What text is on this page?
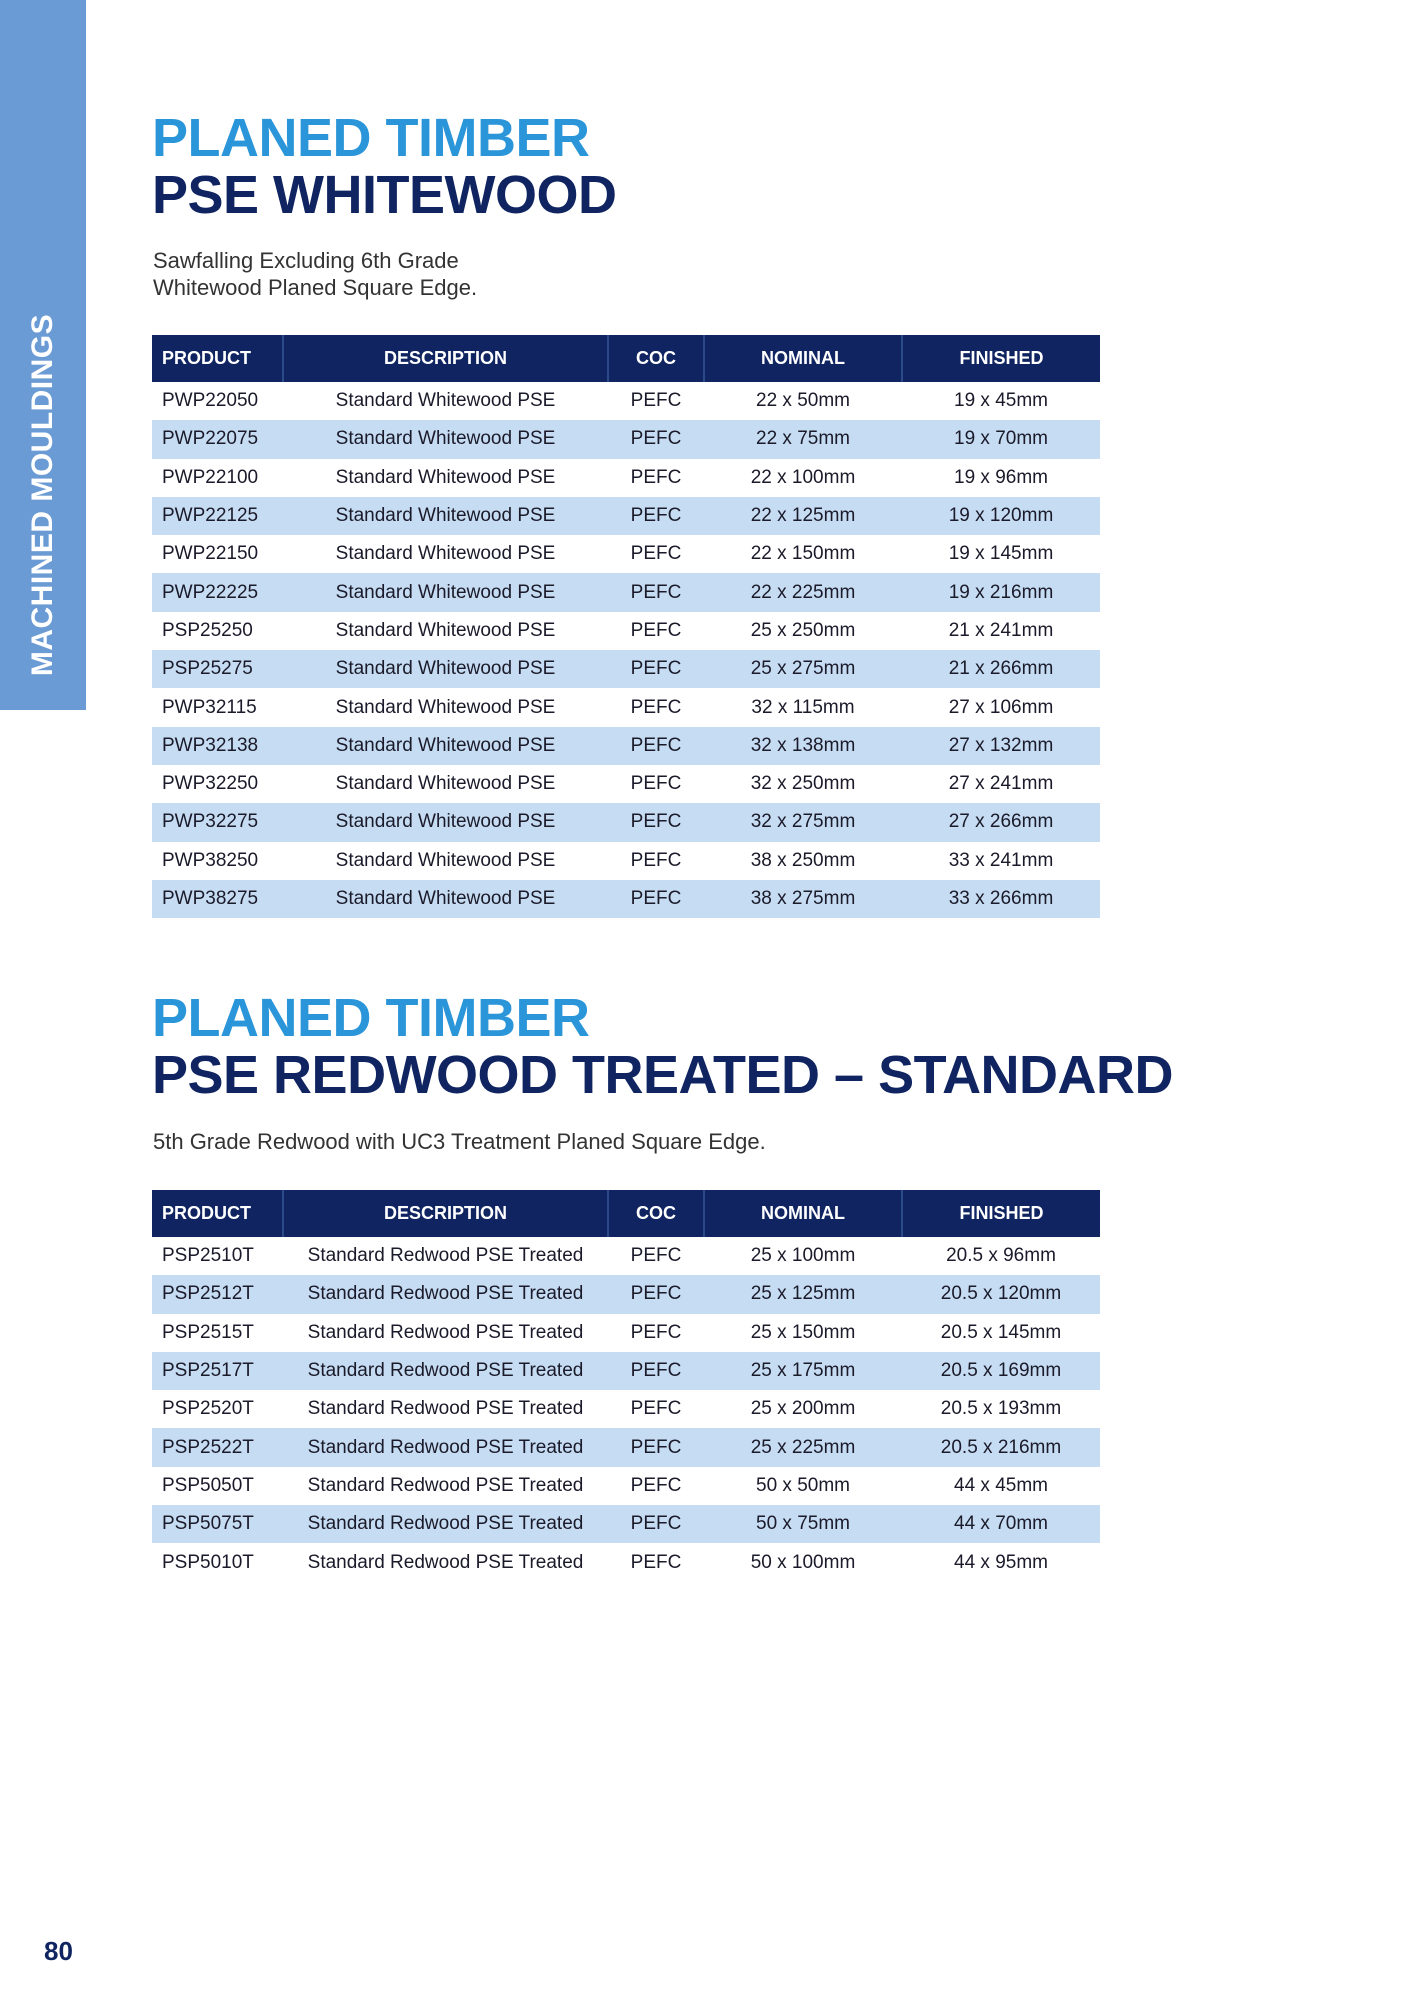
MACHINED MOULDINGS
PLANED TIMBER
PSE WHITEWOOD
Sawfalling Excluding 6th Grade
Whitewood Planed Square Edge.
PRODUCT	DESCRIPTION	COC	NOMINAL	FINISHED
PWP22050	Standard Whitewood PSE	PEFC	22 x 50mm	19 x 45mm
PWP22075	Standard Whitewood PSE	PEFC	22 x 75mm	19 x 70mm
PWP22100	Standard Whitewood PSE	PEFC	22 x 100mm	19 x 96mm
PWP22125	Standard Whitewood PSE	PEFC	22 x 125mm	19 x 120mm
PWP22150	Standard Whitewood PSE	PEFC	22 x 150mm	19 x 145mm
PWP22225	Standard Whitewood PSE	PEFC	22 x 225mm	19 x 216mm
PSP25250	Standard Whitewood PSE	PEFC	25 x 250mm	21 x 241mm
PSP25275	Standard Whitewood PSE	PEFC	25 x 275mm	21 x 266mm
PWP32115	Standard Whitewood PSE	PEFC	32 x 115mm	27 x 106mm
PWP32138	Standard Whitewood PSE	PEFC	32 x 138mm	27 x 132mm
PWP32250	Standard Whitewood PSE	PEFC	32 x 250mm	27 x 241mm
PWP32275	Standard Whitewood PSE	PEFC	32 x 275mm	27 x 266mm
PWP38250	Standard Whitewood PSE	PEFC	38 x 250mm	33 x 241mm
PWP38275	Standard Whitewood PSE	PEFC	38 x 275mm	33 x 266mm
PLANED TIMBER
PSE REDWOOD TREATED – STANDARD
5th Grade Redwood with UC3 Treatment Planed Square Edge.
PRODUCT	DESCRIPTION	COC	NOMINAL	FINISHED
PSP2510T	Standard Redwood PSE Treated	PEFC	25 x 100mm	20.5 x 96mm
PSP2512T	Standard Redwood PSE Treated	PEFC	25 x 125mm	20.5 x 120mm
PSP2515T	Standard Redwood PSE Treated	PEFC	25 x 150mm	20.5 x 145mm
PSP2517T	Standard Redwood PSE Treated	PEFC	25 x 175mm	20.5 x 169mm
PSP2520T	Standard Redwood PSE Treated	PEFC	25 x 200mm	20.5 x 193mm
PSP2522T	Standard Redwood PSE Treated	PEFC	25 x 225mm	20.5 x 216mm
PSP5050T	Standard Redwood PSE Treated	PEFC	50 x 50mm	44 x 45mm
PSP5075T	Standard Redwood PSE Treated	PEFC	50 x 75mm	44 x 70mm
PSP5010T	Standard Redwood PSE Treated	PEFC	50 x 100mm	44 x 95mm
80
